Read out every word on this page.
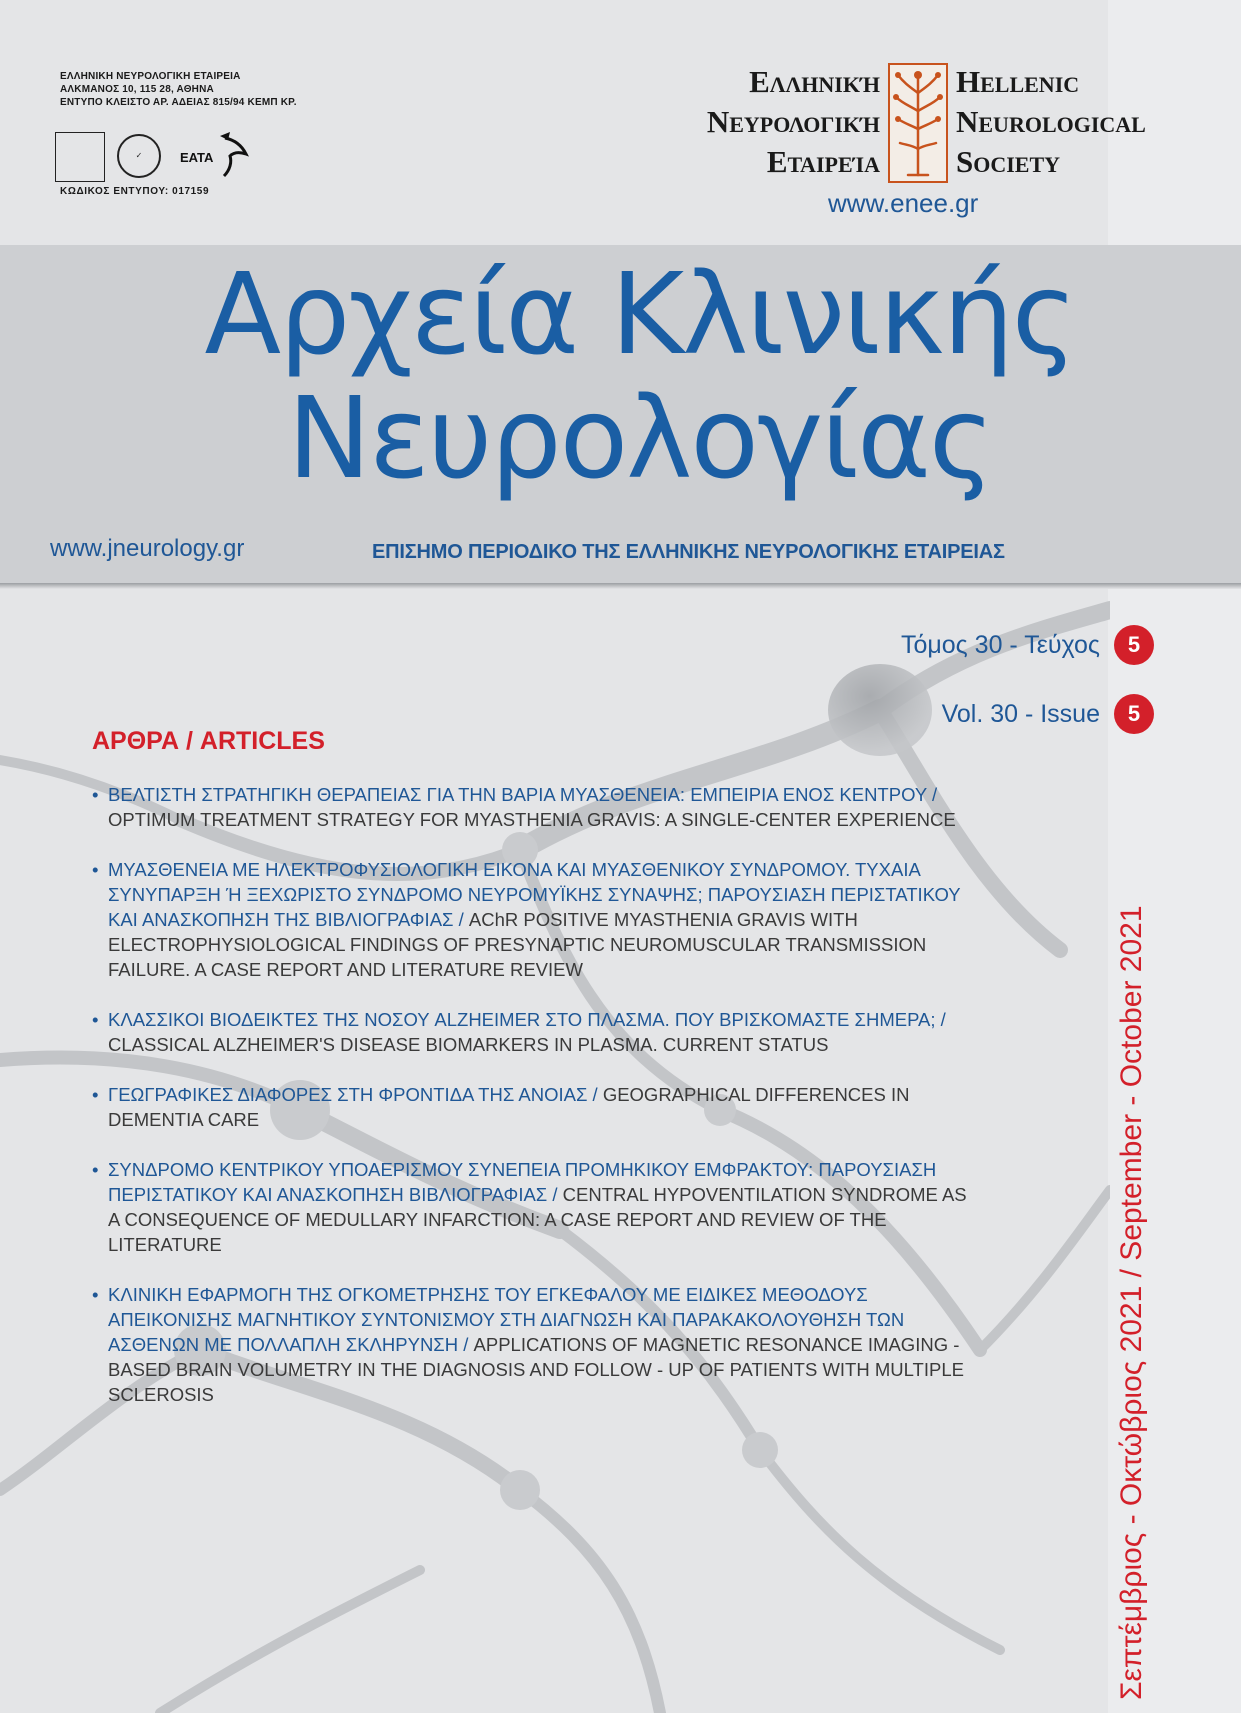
ΕΛΛΗΝΙΚΗ ΝΕΥΡΟΛΟΓΙΚΗ ΕΤΑΙΡΕΙΑ
ΑΛΚΜΑΝΟΣ 10, 115 28, ΑΘΗΝΑ
ΕΝΤΥΠΟ ΚΛΕΙΣΤΟ ΑΡ. ΑΔΕΙΑΣ 815/94 ΚΕΜΠ ΚΡ.
✓	ΕΑΤΑ
ΚΩΔΙΚΟΣ ΕΝΤΥΠΟΥ: 017159
Ελληνική
Νευρολογική
Εταιρεία
Hellenic
Neurological
Society
www.enee.gr
Αρχεία Κλινικής
Νευρολογίας
www.jneurology.gr	ΕΠΙΣΗΜΟ ΠΕΡΙΟΔΙΚΟ ΤΗΣ ΕΛΛΗΝΙΚΗΣ ΝΕΥΡΟΛΟΓΙΚΗΣ ΕΤΑΙΡΕΙΑΣ
Τόμος 30 - Τεύχος	5
Vol. 30 - Issue	5
ΑΡΘΡΑ / ARTICLES
• ΒΕΛΤΙΣΤΗ ΣΤΡΑΤΗΓΙΚΗ ΘΕΡΑΠΕΙΑΣ ΓΙΑ ΤΗΝ ΒΑΡΙΑ ΜΥΑΣΘΕΝΕΙΑ: ΕΜΠΕΙΡΙΑ ΕΝΟΣ ΚΕΝΤΡΟΥ / OPTIMUM TREATMENT STRATEGY FOR MYASTHENIA GRAVIS: A SINGLE-CENTER EXPERIENCE
• ΜΥΑΣΘΕΝΕΙΑ ΜΕ ΗΛΕΚΤΡΟΦΥΣΙΟΛΟΓΙΚΗ ΕΙΚΟΝΑ ΚΑΙ ΜΥΑΣΘΕΝΙΚΟΥ ΣΥΝΔΡΟΜΟΥ. ΤΥΧΑΙΑ ΣΥΝΥΠΑΡΞΗ Ή ΞΕΧΩΡΙΣΤΟ ΣΥΝΔΡΟΜΟ ΝΕΥΡΟΜΥΪΚΗΣ ΣΥΝΑΨΗΣ; ΠΑΡΟΥΣΙΑΣΗ ΠΕΡΙΣΤΑΤΙΚΟΥ ΚΑΙ ΑΝΑΣΚΟΠΗΣΗ ΤΗΣ ΒΙΒΛΙΟΓΡΑΦΙΑΣ / AChR POSITIVE MYASTHENIA GRAVIS WITH ELECTROPHYSIOLOGICAL FINDINGS OF PRESYNAPTIC NEUROMUSCULAR TRANSMISSION FAILURE. A CASE REPORT AND LITERATURE REVIEW
• ΚΛΑΣΣΙΚΟΙ ΒΙΟΔΕΙΚΤΕΣ ΤΗΣ ΝΟΣΟΥ ALZHEIMER ΣΤΟ ΠΛΑΣΜΑ. ΠΟΥ ΒΡΙΣΚΟΜΑΣΤΕ ΣΗΜΕΡΑ; / CLASSICAL ALZHEIMER'S DISEASE BIOMARKERS IN PLASMA. CURRENT STATUS
• ΓΕΩΓΡΑΦΙΚΕΣ ΔΙΑΦΟΡΕΣ ΣΤΗ ΦΡΟΝΤΙΔΑ ΤΗΣ ΑΝΟΙΑΣ / GEOGRAPHICAL DIFFERENCES IN DEMENTIA CARE
• ΣΥΝΔΡΟΜΟ ΚΕΝΤΡΙΚΟΥ ΥΠΟΑΕΡΙΣΜΟΥ ΣΥΝΕΠΕΙΑ ΠΡΟΜΗΚΙΚΟΥ ΕΜΦΡΑΚΤΟΥ: ΠΑΡΟΥΣΙΑΣΗ ΠΕΡΙΣΤΑΤΙΚΟΥ ΚΑΙ ΑΝΑΣΚΟΠΗΣΗ ΒΙΒΛΙΟΓΡΑΦΙΑΣ / CENTRAL HYPOVENTILATION SYNDROME AS A CONSEQUENCE OF MEDULLARY INFARCTION: A CASE REPORT AND REVIEW OF THE LITERATURE
• ΚΛΙΝΙΚΗ ΕΦΑΡΜΟΓΗ ΤΗΣ ΟΓΚΟΜΕΤΡΗΣΗΣ ΤΟΥ ΕΓΚΕΦΑΛΟΥ ΜΕ ΕΙΔΙΚΕΣ ΜΕΘΟΔΟΥΣ ΑΠΕΙΚΟΝΙΣΗΣ ΜΑΓΝΗΤΙΚΟΥ ΣΥΝΤΟΝΙΣΜΟΥ ΣΤΗ ΔΙΑΓΝΩΣΗ ΚΑΙ ΠΑΡΑΚΑΚΟΛΟΥΘΗΣΗ ΤΩΝ ΑΣΘΕΝΩΝ ΜΕ ΠΟΛΛΑΠΛΗ ΣΚΛΗΡΥΝΣΗ / APPLICATIONS OF MAGNETIC RESONANCE IMAGING - BASED BRAIN VOLUMETRY IN THE DIAGNOSIS AND FOLLOW - UP OF PATIENTS WITH MULTIPLE SCLEROSIS	Σεπτέμβριος - Οκτώβριος 2021 / September - October 2021
